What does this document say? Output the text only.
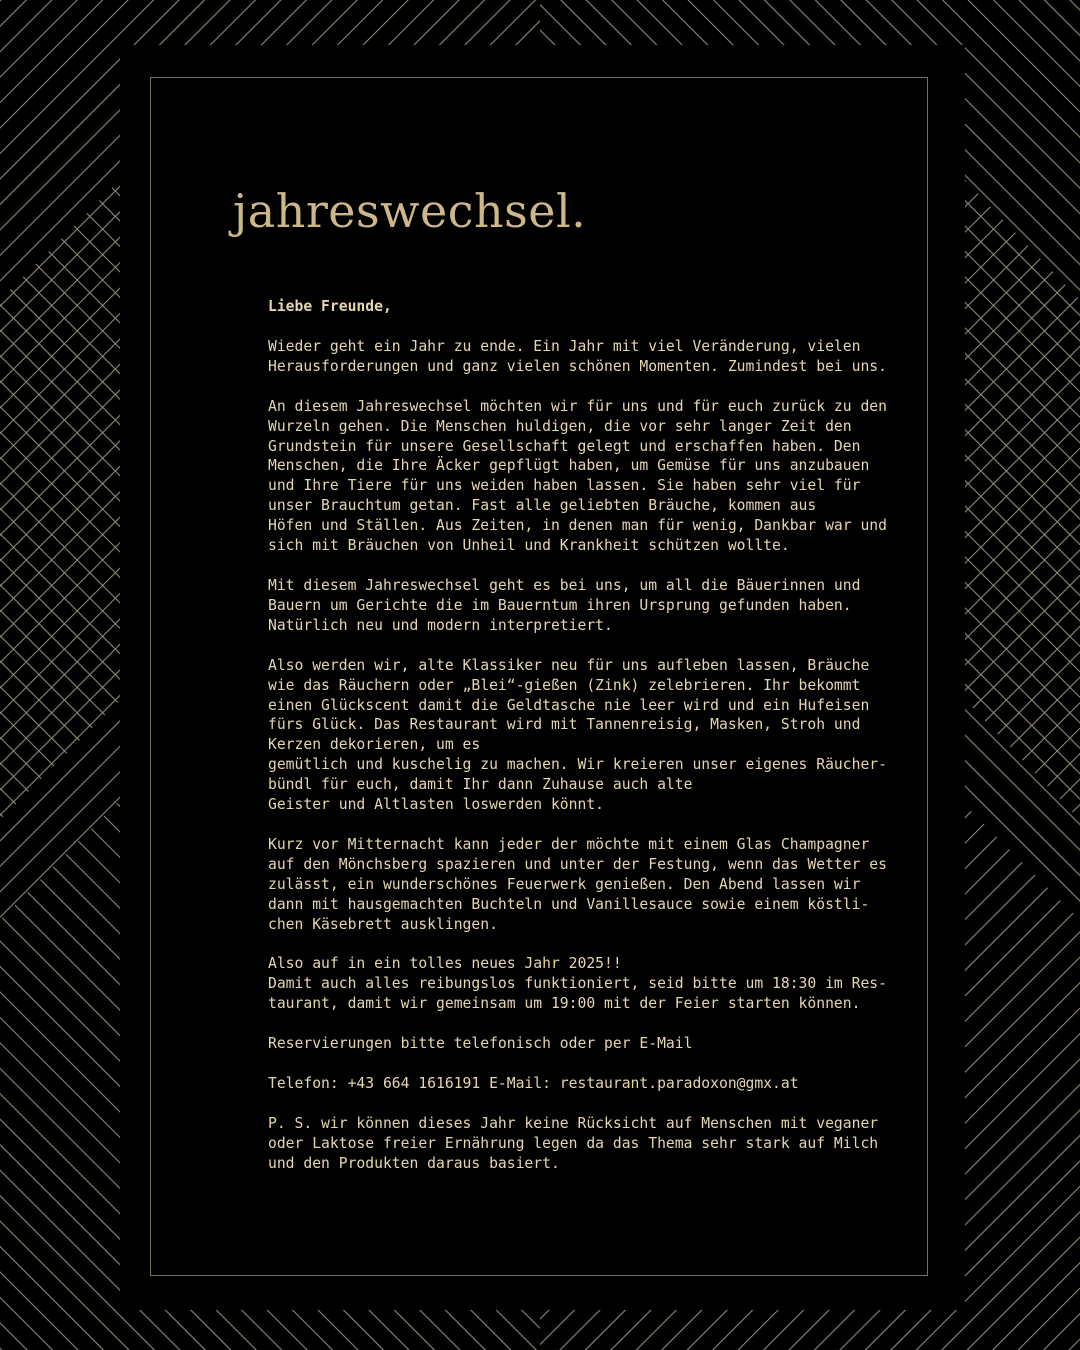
jahreswechsel.

Liebe Freunde,

Wieder geht ein Jahr zu ende. Ein Jahr mit viel Veränderung, vielen
Herausforderungen und ganz vielen schönen Momenten. Zumindest bei uns.

An diesem Jahreswechsel möchten wir für uns und für euch zurück zu den
Wurzeln gehen. Die Menschen huldigen, die vor sehr langer Zeit den
Grundstein für unsere Gesellschaft gelegt und erschaffen haben. Den
Menschen, die Ihre Äcker gepflügt haben, um Gemüse für uns anzubauen
und Ihre Tiere für uns weiden haben lassen. Sie haben sehr viel für
unser Brauchtum getan. Fast alle geliebten Bräuche, kommen aus
Höfen und Ställen. Aus Zeiten, in denen man für wenig, Dankbar war und
sich mit Bräuchen von Unheil und Krankheit schützen wollte.

Mit diesem Jahreswechsel geht es bei uns, um all die Bäuerinnen und
Bauern um Gerichte die im Bauerntum ihren Ursprung gefunden haben.
Natürlich neu und modern interpretiert.

Also werden wir, alte Klassiker neu für uns aufleben lassen, Bräuche
wie das Räuchern oder „Blei“-gießen (Zink) zelebrieren. Ihr bekommt
einen Glückscent damit die Geldtasche nie leer wird und ein Hufeisen
fürs Glück. Das Restaurant wird mit Tannenreisig, Masken, Stroh und
Kerzen dekorieren, um es
gemütlich und kuschelig zu machen. Wir kreieren unser eigenes Räucher-
bündl für euch, damit Ihr dann Zuhause auch alte
Geister und Altlasten loswerden könnt.

Kurz vor Mitternacht kann jeder der möchte mit einem Glas Champagner
auf den Mönchsberg spazieren und unter der Festung, wenn das Wetter es
zulässt, ein wunderschönes Feuerwerk genießen. Den Abend lassen wir
dann mit hausgemachten Buchteln und Vanillesauce sowie einem köstli-
chen Käsebrett ausklingen.

Also auf in ein tolles neues Jahr 2025!!
Damit auch alles reibungslos funktioniert, seid bitte um 18:30 im Res-
taurant, damit wir gemeinsam um 19:00 mit der Feier starten können.

Reservierungen bitte telefonisch oder per E-Mail

Telefon: +43 664 1616191 E-Mail: restaurant.paradoxon@gmx.at

P. S. wir können dieses Jahr keine Rücksicht auf Menschen mit veganer
oder Laktose freier Ernährung legen da das Thema sehr stark auf Milch
und den Produkten daraus basiert.
